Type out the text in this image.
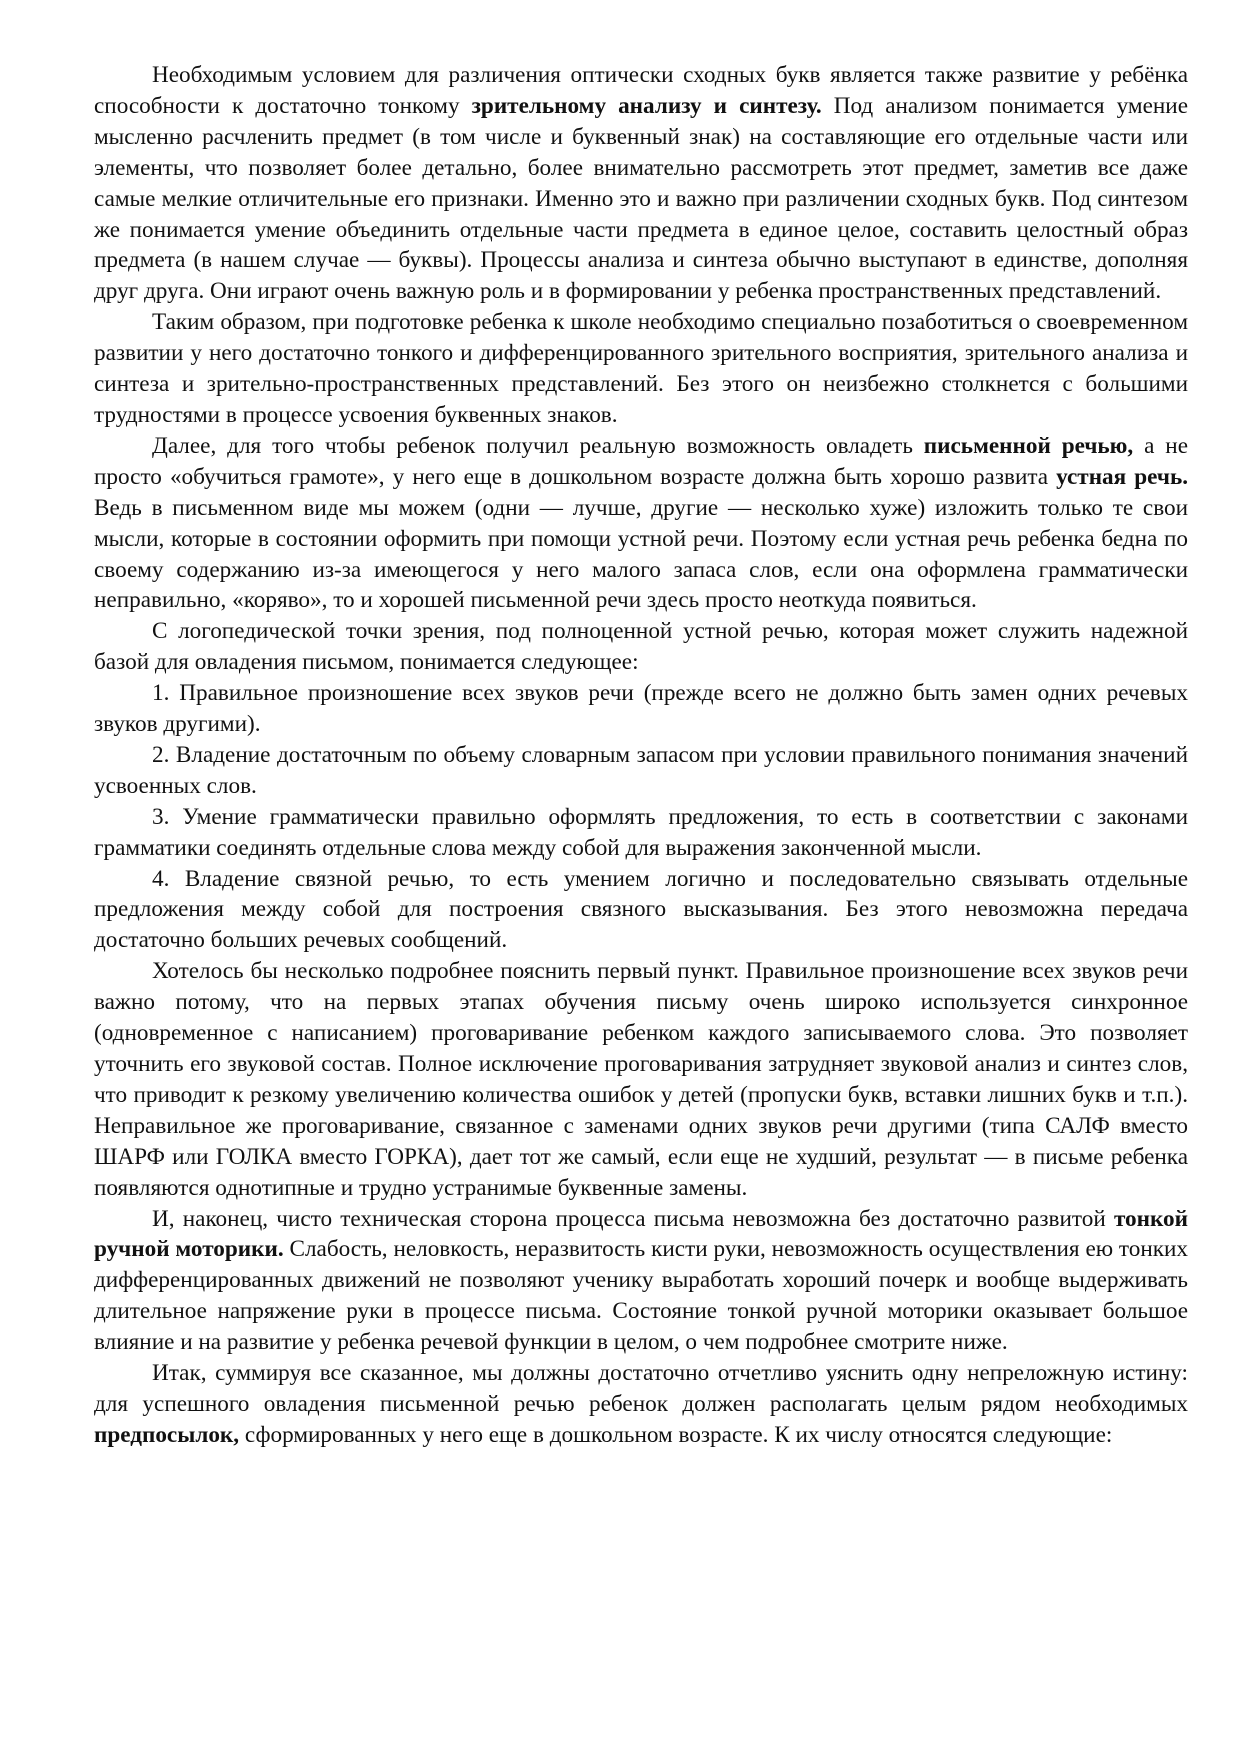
Необходимым условием для различения оптически сходных букв является также развитие у ребёнка способности к достаточно тонкому зрительному анализу и синтезу. Под анализом понимается умение мысленно расчленить предмет (в том числе и буквенный знак) на составляющие его отдельные части или элементы, что позволяет более детально, более внимательно рассмотреть этот предмет, заметив все даже самые мелкие отличительные его признаки. Именно это и важно при различении сходных букв. Под синтезом же понимается умение объединить отдельные части предмета в единое целое, составить целостный образ предмета (в нашем случае — буквы). Процессы анализа и синтеза обычно выступают в единстве, дополняя друг друга. Они играют очень важную роль и в формировании у ребенка пространственных представлений.

Таким образом, при подготовке ребенка к школе необходимо специально позаботиться о своевременном развитии у него достаточно тонкого и дифференцированного зрительного восприятия, зрительного анализа и синтеза и зрительно-пространственных представлений. Без этого он неизбежно столкнется с большими трудностями в процессе усвоения буквенных знаков.

Далее, для того чтобы ребенок получил реальную возможность овладеть письменной речью, а не просто «обучиться грамоте», у него еще в дошкольном возрасте должна быть хорошо развита устная речь. Ведь в письменном виде мы можем (одни — лучше, другие — несколько хуже) изложить только те свои мысли, которые в состоянии оформить при помощи устной речи. Поэтому если устная речь ребенка бедна по своему содержанию из-за имеющегося у него малого запаса слов, если она оформлена грамматически неправильно, «коряво», то и хорошей письменной речи здесь просто неоткуда появиться.

С логопедической точки зрения, под полноценной устной речью, которая может служить надежной базой для овладения письмом, понимается следующее:

1. Правильное произношение всех звуков речи (прежде всего не должно быть замен одних речевых звуков другими).

2. Владение достаточным по объему словарным запасом при условии правильного понимания значений усвоенных слов.

3. Умение грамматически правильно оформлять предложения, то есть в соответствии с законами грамматики соединять отдельные слова между собой для выражения законченной мысли.

4. Владение связной речью, то есть умением логично и последовательно связывать отдельные предложения между собой для построения связного высказывания. Без этого невозможна передача достаточно больших речевых сообщений.

Хотелось бы несколько подробнее пояснить первый пункт. Правильное произношение всех звуков речи важно потому, что на первых этапах обучения письму очень широко используется синхронное (одновременное с написанием) проговаривание ребенком каждого записываемого слова. Это позволяет уточнить его звуковой состав. Полное исключение проговаривания затрудняет звуковой анализ и синтез слов, что приводит к резкому увеличению количества ошибок у детей (пропуски букв, вставки лишних букв и т.п.). Неправильное же проговаривание, связанное с заменами одних звуков речи другими (типа САЛФ вместо ШАРФ или ГОЛКА вместо ГОРКА), дает тот же самый, если еще не худший, результат — в письме ребенка появляются однотипные и трудно устранимые буквенные замены.

И, наконец, чисто техническая сторона процесса письма невозможна без достаточно развитой тонкой ручной моторики. Слабость, неловкость, неразвитость кисти руки, невозможность осуществления ею тонких дифференцированных движений не позволяют ученику выработать хороший почерк и вообще выдерживать длительное напряжение руки в процессе письма. Состояние тонкой ручной моторики оказывает большое влияние и на развитие у ребенка речевой функции в целом, о чем подробнее смотрите ниже.

Итак, суммируя все сказанное, мы должны достаточно отчетливо уяснить одну непреложную истину: для успешного овладения письменной речью ребенок должен располагать целым рядом необходимых предпосылок, сформированных у него еще в дошкольном возрасте. К их числу относятся следующие:
